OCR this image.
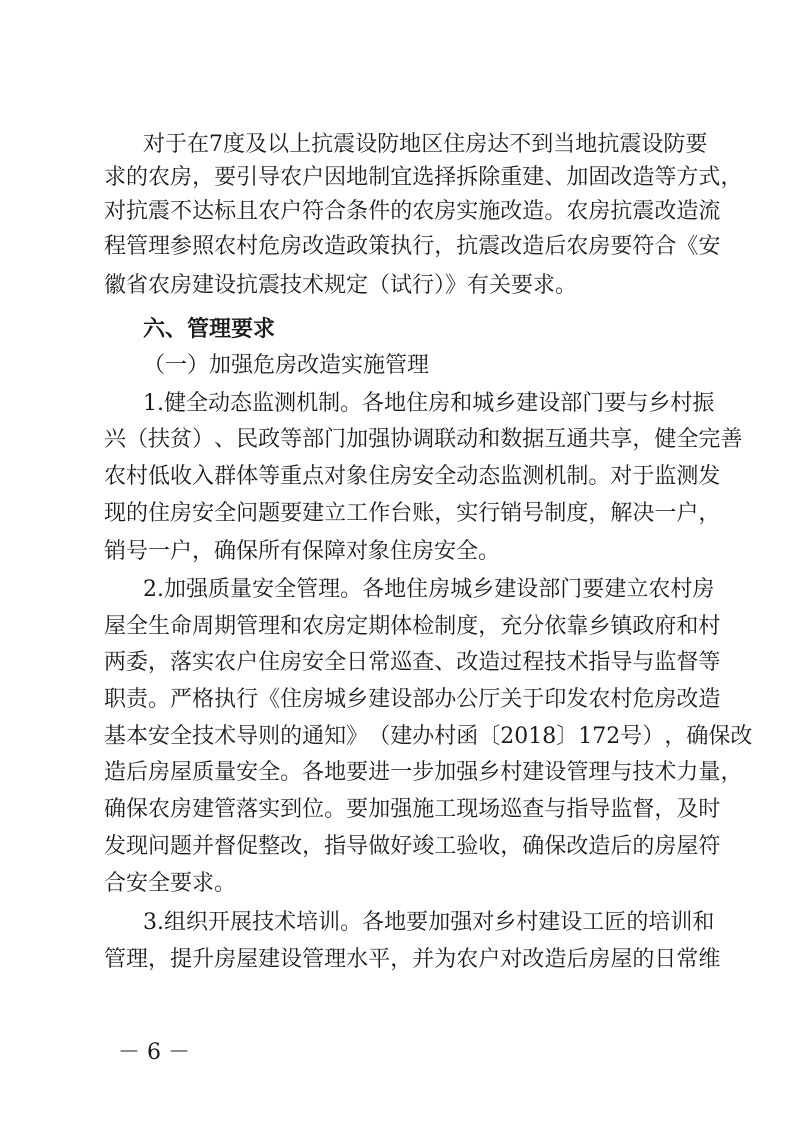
对 于 在 7 度 及 以 上 抗 震 设 防 地 区 住 房 达 不 到 当 地 抗 震 设 防 要
求 的 农 房 ， 要 引 导 农 户 因 地 制 宜 选 择 拆 除 重 建 、 加 固 改 造 等 方 式 ，
对 抗 震 不 达 标 且 农 户 符 合 条 件 的 农 房 实 施 改 造 。 农 房 抗 震 改 造 流
程 管 理 参 照 农 村 危 房 改 造 政 策 执 行 ， 抗 震 改 造 后 农 房 要 符 合 《 安
徽省农房建设抗震技术规定（试行）》有关要求。
六、管理要求
（一）加强危房改造实施管理
1. 健 全 动 态 监 测 机 制 。 各 地 住 房 和 城 乡 建 设 部 门 要 与 乡 村 振
兴 （ 扶 贫 ） 、 民 政 等 部 门 加 强 协 调 联 动 和 数 据 互 通 共 享 ， 健 全 完 善
农 村 低 收 入 群 体 等 重 点 对 象 住 房 安 全 动 态 监 测 机 制 。 对 于 监 测 发
现 的 住 房 安 全 问 题 要 建 立 工 作 台 账 ， 实 行 销 号 制 度 ， 解 决 一 户 ，
销号一户，确保所有保障对象住房安全。
2. 加 强 质 量 安 全 管 理 。 各 地 住 房 城 乡 建 设 部 门 要 建 立 农 村 房
屋 全 生 命 周 期 管 理 和 农 房 定 期 体 检 制 度 ， 充 分 依 靠 乡 镇 政 府 和 村
两 委 ， 落 实 农 户 住 房 安 全 日 常 巡 查 、 改 造 过 程 技 术 指 导 与 监 督 等
职 责 。 严 格 执 行 《 住 房 城 乡 建 设 部 办 公 厅 关 于 印 发 农 村 危 房 改 造
基 本 安 全 技 术 导 则 的 通 知 》 （ 建 办 村 函 〔 2018 〕 172 号 ） ， 确 保 改
造 后 房 屋 质 量 安 全 。 各 地 要 进 一 步 加 强 乡 村 建 设 管 理 与 技 术 力 量 ，
确 保 农 房 建 管 落 实 到 位 。 要 加 强 施 工 现 场 巡 查 与 指 导 监 督 ， 及 时
发 现 问 题 并 督 促 整 改 ， 指 导 做 好 竣 工 验 收 ， 确 保 改 造 后 的 房 屋 符
合安全要求。
3. 组 织 开 展 技 术 培 训 。 各 地 要 加 强 对 乡 村 建 设 工 匠 的 培 训 和
管 理 ， 提 升 房 屋 建 设 管 理 水 平 ， 并 为 农 户 对 改 造 后 房 屋 的 日 常 维
－ 6 －
